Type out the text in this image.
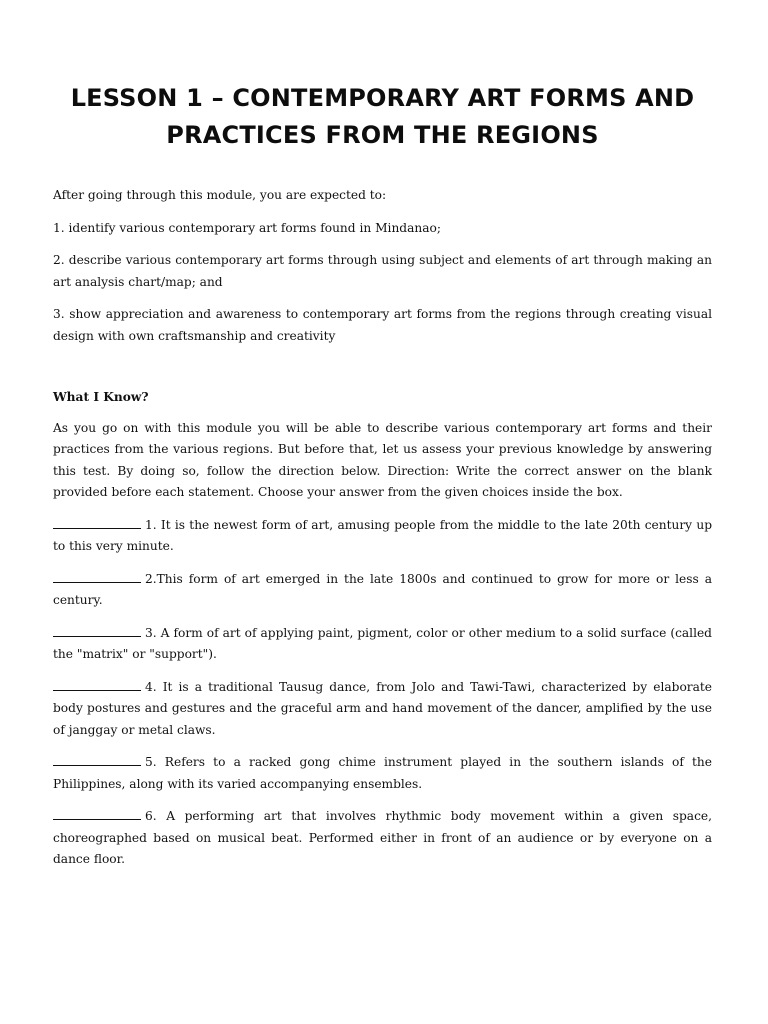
LESSON 1 – CONTEMPORARY ART FORMS AND
PRACTICES FROM THE REGIONS

After going through this module, you are expected to:

1. identify various contemporary art forms found in Mindanao;

2. describe various contemporary art forms through using subject and elements of art through making an art analysis chart/map; and

3. show appreciation and awareness to contemporary art forms from the regions through creating visual design with own craftsmanship and creativity

What I Know?

As you go on with this module you will be able to describe various contemporary art forms and their practices from the various regions. But before that, let us assess your previous knowledge by answering this test. By doing so, follow the direction below. Direction: Write the correct answer on the blank provided before each statement. Choose your answer from the given choices inside the box.

1. It is the newest form of art, amusing people from the middle to the late 20th century up to this very minute.

2.This form of art emerged in the late 1800s and continued to grow for more or less a century.

3. A form of art of applying paint, pigment, color or other medium to a solid surface (called the "matrix" or "support").

4. It is a traditional Tausug dance, from Jolo and Tawi-Tawi, characterized by elaborate body postures and gestures and the graceful arm and hand movement of the dancer, amplified by the use of janggay or metal claws.

5. Refers to a racked gong chime instrument played in the southern islands of the Philippines, along with its varied accompanying ensembles.

6. A performing art that involves rhythmic body movement within a given space, choreographed based on musical beat. Performed either in front of an audience or by everyone on a dance floor.
